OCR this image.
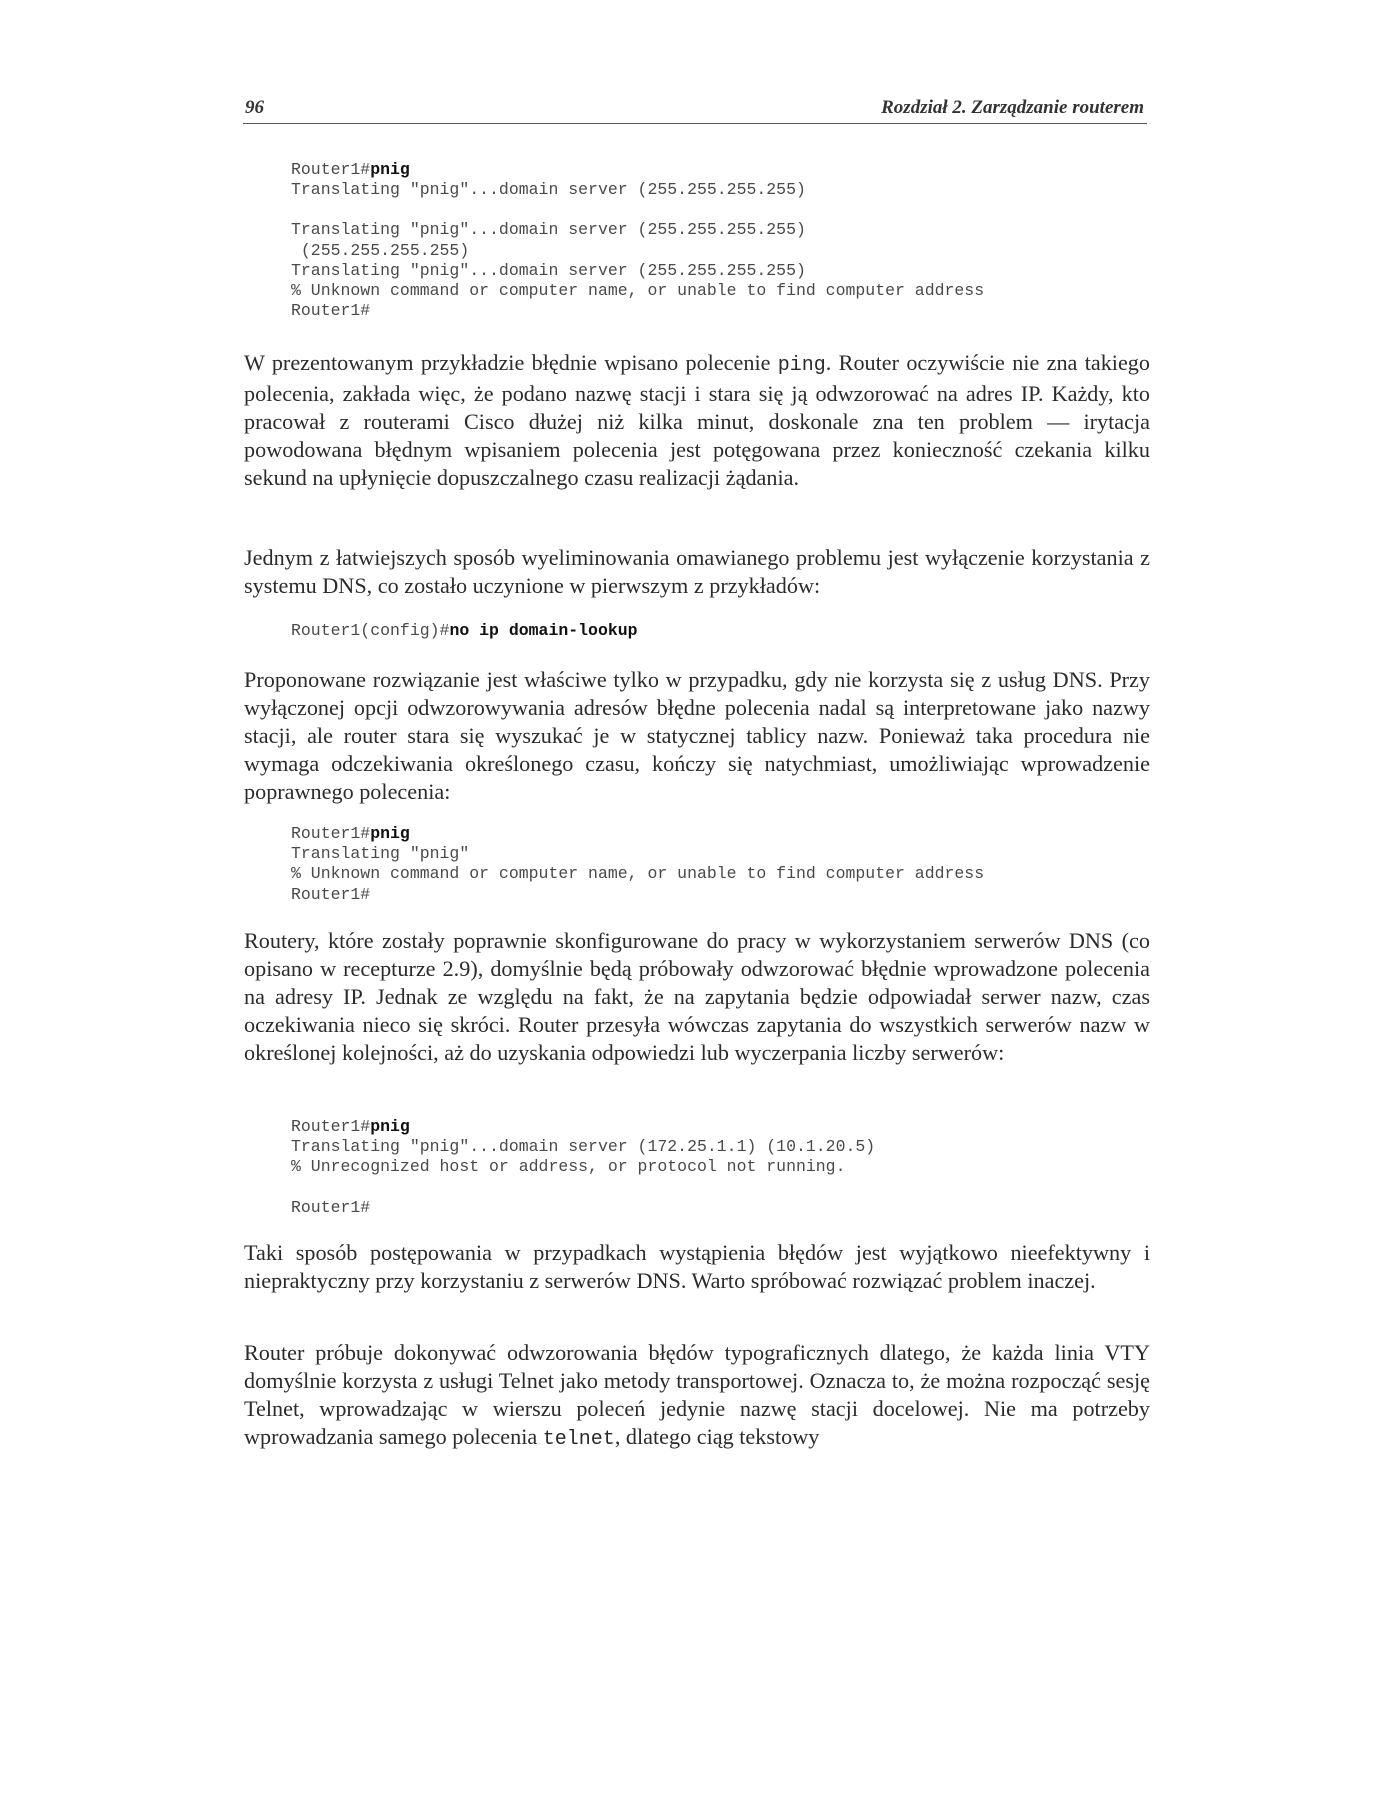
96	Rozdział 2. Zarządzanie routerem
Router1#pnig
Translating "pnig"...domain server (255.255.255.255)
Translating "pnig"...domain server (255.255.255.255)
(255.255.255.255)
Translating "pnig"...domain server (255.255.255.255)
% Unknown command or computer name, or unable to find computer address
Router1#

W prezentowanym przykładzie błędnie wpisano polecenie ping. Router oczywiście nie zna takiego polecenia, zakłada więc, że podano nazwę stacji i stara się ją odwzorować na adres IP. Każdy, kto pracował z routerami Cisco dłużej niż kilka minut, doskonale zna ten problem — irytacja powodowana błędnym wpisaniem polecenia jest potęgowana przez konieczność czekania kilku sekund na upłynięcie dopuszczalnego czasu realizacji żądania.

Jednym z łatwiejszych sposób wyeliminowania omawianego problemu jest wyłączenie korzystania z systemu DNS, co zostało uczynione w pierwszym z przykładów:

Router1(config)#no ip domain-lookup

Proponowane rozwiązanie jest właściwe tylko w przypadku, gdy nie korzysta się z usług DNS. Przy wyłączonej opcji odwzorowywania adresów błędne polecenia nadal są interpretowane jako nazwy stacji, ale router stara się wyszukać je w statycznej tablicy nazw. Ponieważ taka procedura nie wymaga odczekiwania określonego czasu, kończy się natychmiast, umożliwiając wprowadzenie poprawnego polecenia:

Router1#pnig
Translating "pnig"
% Unknown command or computer name, or unable to find computer address
Router1#

Routery, które zostały poprawnie skonfigurowane do pracy w wykorzystaniem serwerów DNS (co opisano w recepturze 2.9), domyślnie będą próbowały odwzorować błędnie wprowadzone polecenia na adresy IP. Jednak ze względu na fakt, że na zapytania będzie odpowiadał serwer nazw, czas oczekiwania nieco się skróci. Router przesyła wówczas zapytania do wszystkich serwerów nazw w określonej kolejności, aż do uzyskania odpowiedzi lub wyczerpania liczby serwerów:

Router1#pnig
Translating "pnig"...domain server (172.25.1.1) (10.1.20.5)
% Unrecognized host or address, or protocol not running.
Router1#

Taki sposób postępowania w przypadkach wystąpienia błędów jest wyjątkowo nieefektywny i niepraktyczny przy korzystaniu z serwerów DNS. Warto spróbować rozwiązać problem inaczej.

Router próbuje dokonywać odwzorowania błędów typograficznych dlatego, że każda linia VTY domyślnie korzysta z usługi Telnet jako metody transportowej. Oznacza to, że można rozpocząć sesję Telnet, wprowadzając w wierszu poleceń jedynie nazwę stacji docelowej. Nie ma potrzeby wprowadzania samego polecenia telnet, dlatego ciąg tekstowy
